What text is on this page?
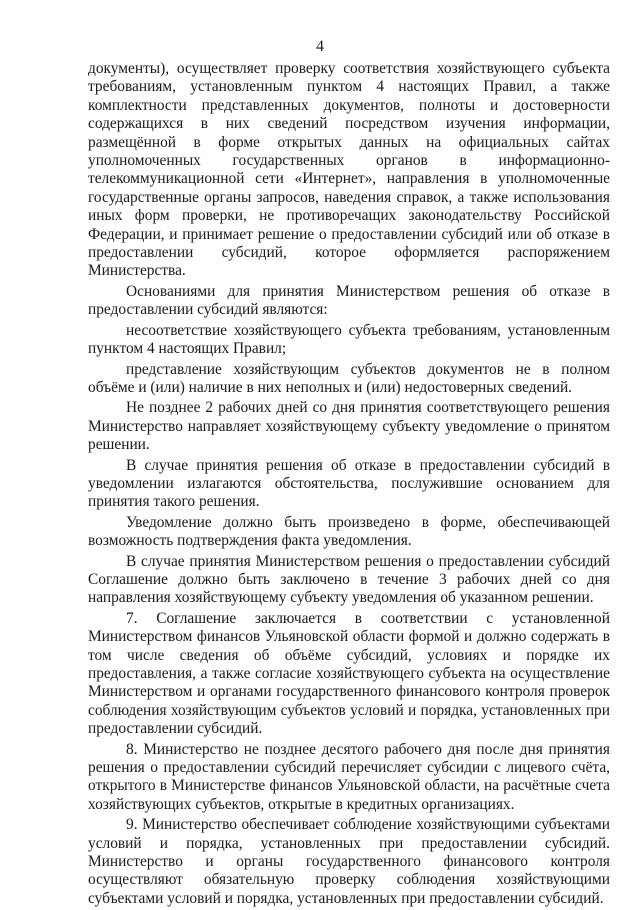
4

документы), осуществляет проверку соответствия хозяйствующего субъекта требованиям, установленным пунктом 4 настоящих Правил, а также комплектности представленных документов, полноты и достоверности содержащихся в них сведений посредством изучения информации, размещённой в форме открытых данных на официальных сайтах уполномоченных государственных органов в информационно-телекоммуникационной сети «Интернет», направления в уполномоченные государственные органы запросов, наведения справок, а также использования иных форм проверки, не противоречащих законодательству Российской Федерации, и принимает решение о предоставлении субсидий или об отказе в предоставлении субсидий, которое оформляется распоряжением Министерства.

Основаниями для принятия Министерством решения об отказе в предоставлении субсидий являются:

несоответствие хозяйствующего субъекта требованиям, установленным пунктом 4 настоящих Правил;

представление хозяйствующим субъектов документов не в полном объёме и (или) наличие в них неполных и (или) недостоверных сведений.

Не позднее 2 рабочих дней со дня принятия соответствующего решения Министерство направляет хозяйствующему субъекту уведомление о принятом решении.

В случае принятия решения об отказе в предоставлении субсидий в уведомлении излагаются обстоятельства, послужившие основанием для принятия такого решения.

Уведомление должно быть произведено в форме, обеспечивающей возможность подтверждения факта уведомления.

В случае принятия Министерством решения о предоставлении субсидий Соглашение должно быть заключено в течение 3 рабочих дней со дня направления хозяйствующему субъекту уведомления об указанном решении.

7. Соглашение заключается в соответствии с установленной Министерством финансов Ульяновской области формой и должно содержать в том числе сведения об объёме субсидий, условиях и порядке их предоставления, а также согласие хозяйствующего субъекта на осуществление Министерством и органами государственного финансового контроля проверок соблюдения хозяйствующим субъектов условий и порядка, установленных при предоставлении субсидий.

8. Министерство не позднее десятого рабочего дня после дня принятия решения о предоставлении субсидий перечисляет субсидии с лицевого счёта, открытого в Министерстве финансов Ульяновской области, на расчётные счета хозяйствующих субъектов, открытые в кредитных организациях.

9. Министерство обеспечивает соблюдение хозяйствующими субъектами условий и порядка, установленных при предоставлении субсидий. Министерство и органы государственного финансового контроля осуществляют обязательную проверку соблюдения хозяйствующими субъектами условий и порядка, установленных при предоставлении субсидий.
